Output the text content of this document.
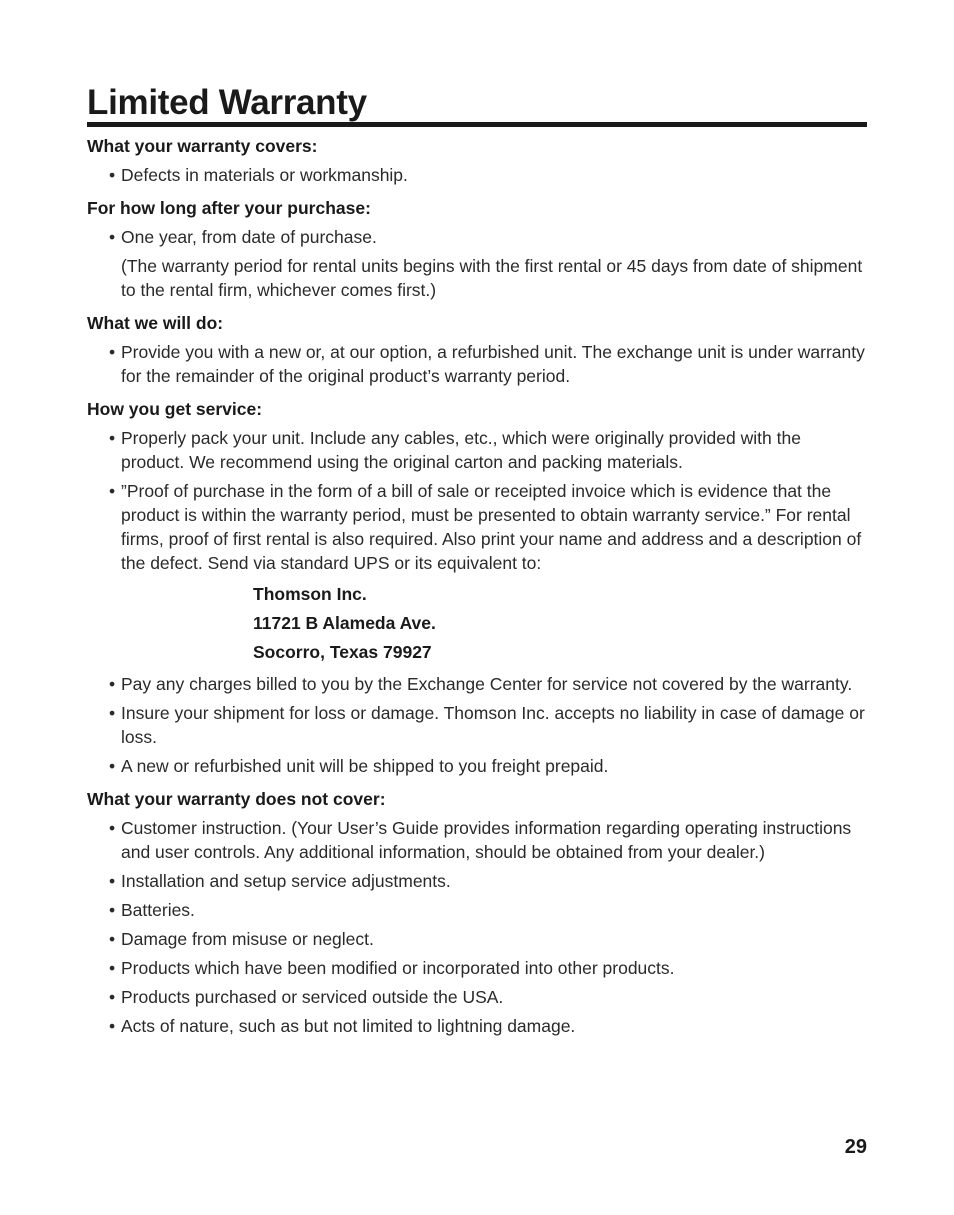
Limited Warranty
What your warranty covers:
• Defects in materials or workmanship.
For how long after your purchase:
• One year, from date of purchase.

(The warranty period for rental units begins with the first rental or 45 days from date of shipment to the rental firm, whichever comes first.)

What we will do:
• Provide you with a new or, at our option, a refurbished unit. The exchange unit is under warranty for the remainder of the original product’s warranty period.
How you get service:
• Properly pack your unit. Include any cables, etc., which were originally provided with the product. We recommend using the original carton and packing materials.
• ”Proof of purchase in the form of a bill of sale or receipted invoice which is evidence that the product is within the warranty period, must be presented to obtain warranty service.” For rental firms, proof of first rental is also required. Also print your name and address and a description of the defect. Send via standard UPS or its equivalent to:
Thomson Inc.
11721 B Alameda Ave.
Socorro, Texas 79927
• Pay any charges billed to you by the Exchange Center for service not covered by the warranty.
• Insure your shipment for loss or damage. Thomson Inc. accepts no liability in case of damage or loss.
• A new or refurbished unit will be shipped to you freight prepaid.
What your warranty does not cover:
• Customer instruction. (Your User’s Guide provides information regarding operating instructions and user controls. Any additional information, should be obtained from your dealer.)
• Installation and setup service adjustments.
• Batteries.
• Damage from misuse or neglect.
• Products which have been modified or incorporated into other products.
• Products purchased or serviced outside the USA.
• Acts of nature, such as but not limited to lightning damage.
29
